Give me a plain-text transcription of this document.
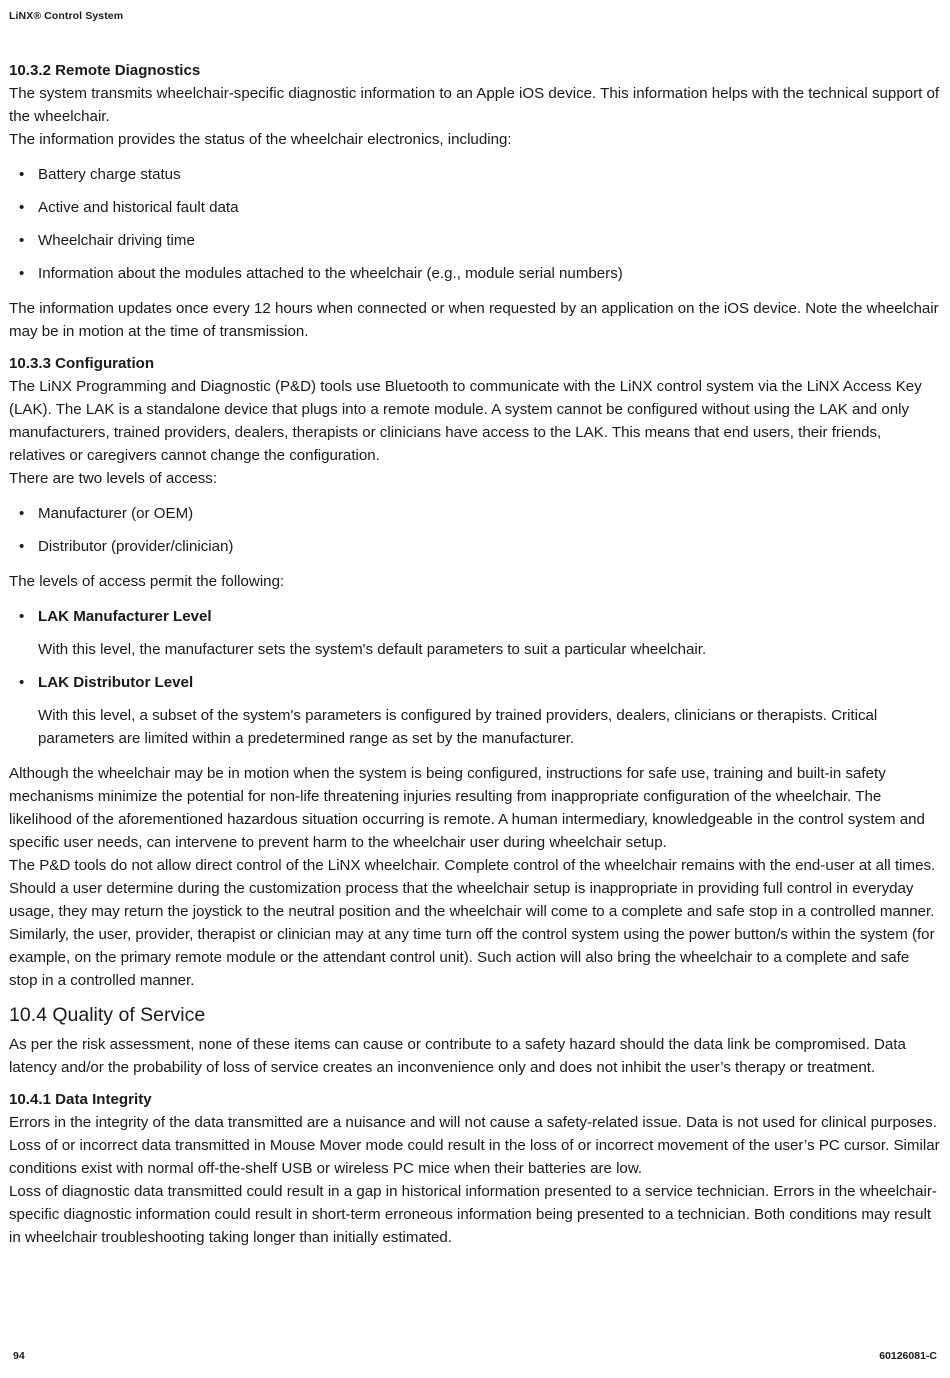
LiNX® Control System
10.3.2 Remote Diagnostics

The system transmits wheelchair-specific diagnostic information to an Apple iOS device. This information helps with the technical support of the wheelchair.

The information provides the status of the wheelchair electronics, including:

• Battery charge status
• Active and historical fault data
• Wheelchair driving time
• Information about the modules attached to the wheelchair (e.g., module serial numbers)

The information updates once every 12 hours when connected or when requested by an application on the iOS device. Note the wheelchair may be in motion at the time of transmission.

10.3.3 Configuration

The LiNX Programming and Diagnostic (P&D) tools use Bluetooth to communicate with the LiNX control system via the LiNX Access Key (LAK). The LAK is a standalone device that plugs into a remote module. A system cannot be configured without using the LAK and only manufacturers, trained providers, dealers, therapists or clinicians have access to the LAK. This means that end users, their friends, relatives or caregivers cannot change the configuration.

There are two levels of access:

• Manufacturer (or OEM)
• Distributor (provider/clinician)

The levels of access permit the following:

• LAK Manufacturer Level

With this level, the manufacturer sets the system's default parameters to suit a particular wheelchair.

• LAK Distributor Level

With this level, a subset of the system's parameters is configured by trained providers, dealers, clinicians or therapists. Critical parameters are limited within a predetermined range as set by the manufacturer.

Although the wheelchair may be in motion when the system is being configured, instructions for safe use, training and built-in safety mechanisms minimize the potential for non-life threatening injuries resulting from inappropriate configuration of the wheelchair. The likelihood of the aforementioned hazardous situation occurring is remote. A human intermediary, knowledgeable in the control system and specific user needs, can intervene to prevent harm to the wheelchair user during wheelchair setup.

The P&D tools do not allow direct control of the LiNX wheelchair. Complete control of the wheelchair remains with the end-user at all times. Should a user determine during the customization process that the wheelchair setup is inappropriate in providing full control in everyday usage, they may return the joystick to the neutral position and the wheelchair will come to a complete and safe stop in a controlled manner.

Similarly, the user, provider, therapist or clinician may at any time turn off the control system using the power button/s within the system (for example, on the primary remote module or the attendant control unit). Such action will also bring the wheelchair to a complete and safe stop in a controlled manner.

10.4 Quality of Service

As per the risk assessment, none of these items can cause or contribute to a safety hazard should the data link be compromised. Data latency and/or the probability of loss of service creates an inconvenience only and does not inhibit the user’s therapy or treatment.

10.4.1 Data Integrity

Errors in the integrity of the data transmitted are a nuisance and will not cause a safety-related issue. Data is not used for clinical purposes.

Loss of or incorrect data transmitted in Mouse Mover mode could result in the loss of or incorrect movement of the user’s PC cursor. Similar conditions exist with normal off-the-shelf USB or wireless PC mice when their batteries are low.

Loss of diagnostic data transmitted could result in a gap in historical information presented to a service technician. Errors in the wheelchair-specific diagnostic information could result in short-term erroneous information being presented to a technician. Both conditions may result in wheelchair troubleshooting taking longer than initially estimated.

94	60126081-C
